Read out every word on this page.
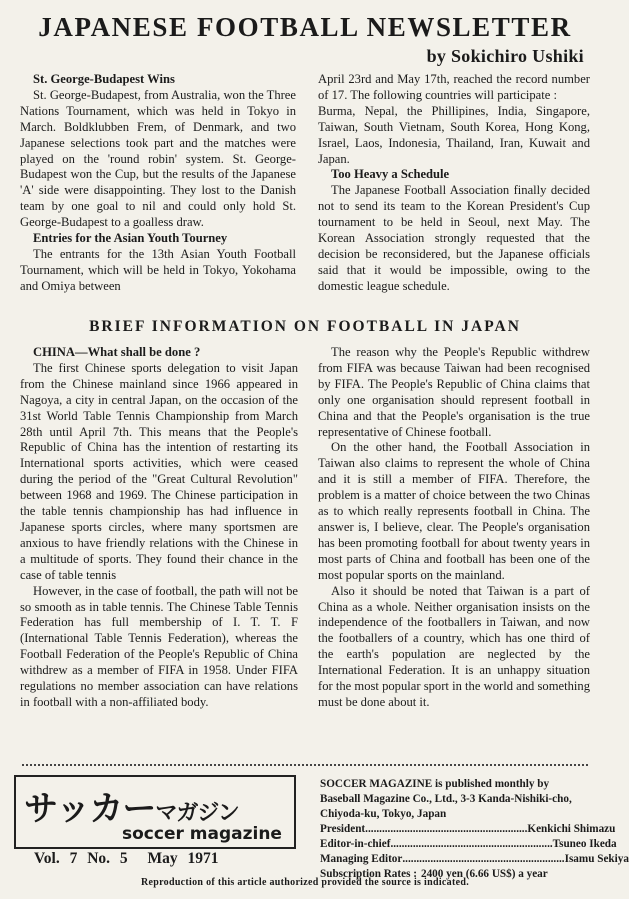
JAPANESE FOOTBALL NEWSLETTER
by Sokichiro Ushiki
St. George-Budapest Wins

St. George-Budapest, from Australia, won the Three Nations Tournament, which was held in Tokyo in March. Boldklubben Frem, of Denmark, and two Japanese selections took part and the matches were played on the 'round robin' system. St. George-Budapest won the Cup, but the results of the Japanese 'A' side were disappointing. They lost to the Danish team by one goal to nil and could only hold St. George-Budapest to a goalless draw.

Entries for the Asian Youth Tourney

The entrants for the 13th Asian Youth Football Tournament, which will be held in Tokyo, Yokohama and Omiya between

April 23rd and May 17th, reached the record number of 17. The following countries will participate :

Burma, Nepal, the Phillipines, India, Singapore, Taiwan, South Vietnam, South Korea, Hong Kong, Israel, Laos, Indonesia, Thailand, Iran, Kuwait and Japan.

Too Heavy a Schedule

The Japanese Football Association finally decided not to send its team to the Korean President's Cup tournament to be held in Seoul, next May. The Korean Association strongly requested that the decision be reconsidered, but the Japanese officials said that it would be impossible, owing to the domestic league schedule.

BRIEF INFORMATION ON FOOTBALL IN JAPAN
CHINA—What shall be done ?

The first Chinese sports delegation to visit Japan from the Chinese mainland since 1966 appeared in Nagoya, a city in central Japan, on the occasion of the 31st World Table Tennis Championship from March 28th until April 7th. This means that the People's Republic of China has the intention of restarting its International sports activities, which were ceased during the period of the "Great Cultural Revolution" between 1968 and 1969. The Chinese participation in the table tennis championship has had influence in Japanese sports circles, where many sportsmen are anxious to have friendly relations with the Chinese in a multitude of sports. They found their chance in the case of table tennis

However, in the case of football, the path will not be so smooth as in table tennis. The Chinese Table Tennis Federation has full membership of I. T. T. F (International Table Tennis Federation), whereas the Football Federation of the People's Republic of China withdrew as a member of FIFA in 1958. Under FIFA regulations no member association can have relations in football with a non-affiliated body.

The reason why the People's Republic withdrew from FIFA was because Taiwan had been recognised by FIFA. The People's Republic of China claims that only one organisation should represent football in China and that the People's organisation is the true representative of Chinese football.

On the other hand, the Football Association in Taiwan also claims to represent the whole of China and it is still a member of FIFA. Therefore, the problem is a matter of choice between the two Chinas as to which really represents football in China. The answer is, I believe, clear. The People's organisation has been promoting football for about twenty years in most parts of China and football has been one of the most popular sports on the mainland.

Also it should be noted that Taiwan is a part of China as a whole. Neither organisation insists on the independence of the footballers in Taiwan, and now the footballers of a country, which has one third of the earth's population are neglected by the International Federation. It is an unhappy situation for the most popular sport in the world and something must be done about it.

サッカーマガジン
soccer magazine
Vol. 7 No. 5 May 1971
SOCCER MAGAZINE is published monthly by Baseball Magazine Co., Ltd., 3-3 Kanda-Nishiki-cho, Chiyoda-ku, Tokyo, Japan
President .......................................................... Kenkichi Shimazu
Editor-in-chief .......................................................... Tsuneo Ikeda
Managing Editor .......................................................... Isamu Sekiya
Subscription Rates : 2400 yen (6.66 US$) a year
Reproduction of this article authorized provided the source is indicated.
